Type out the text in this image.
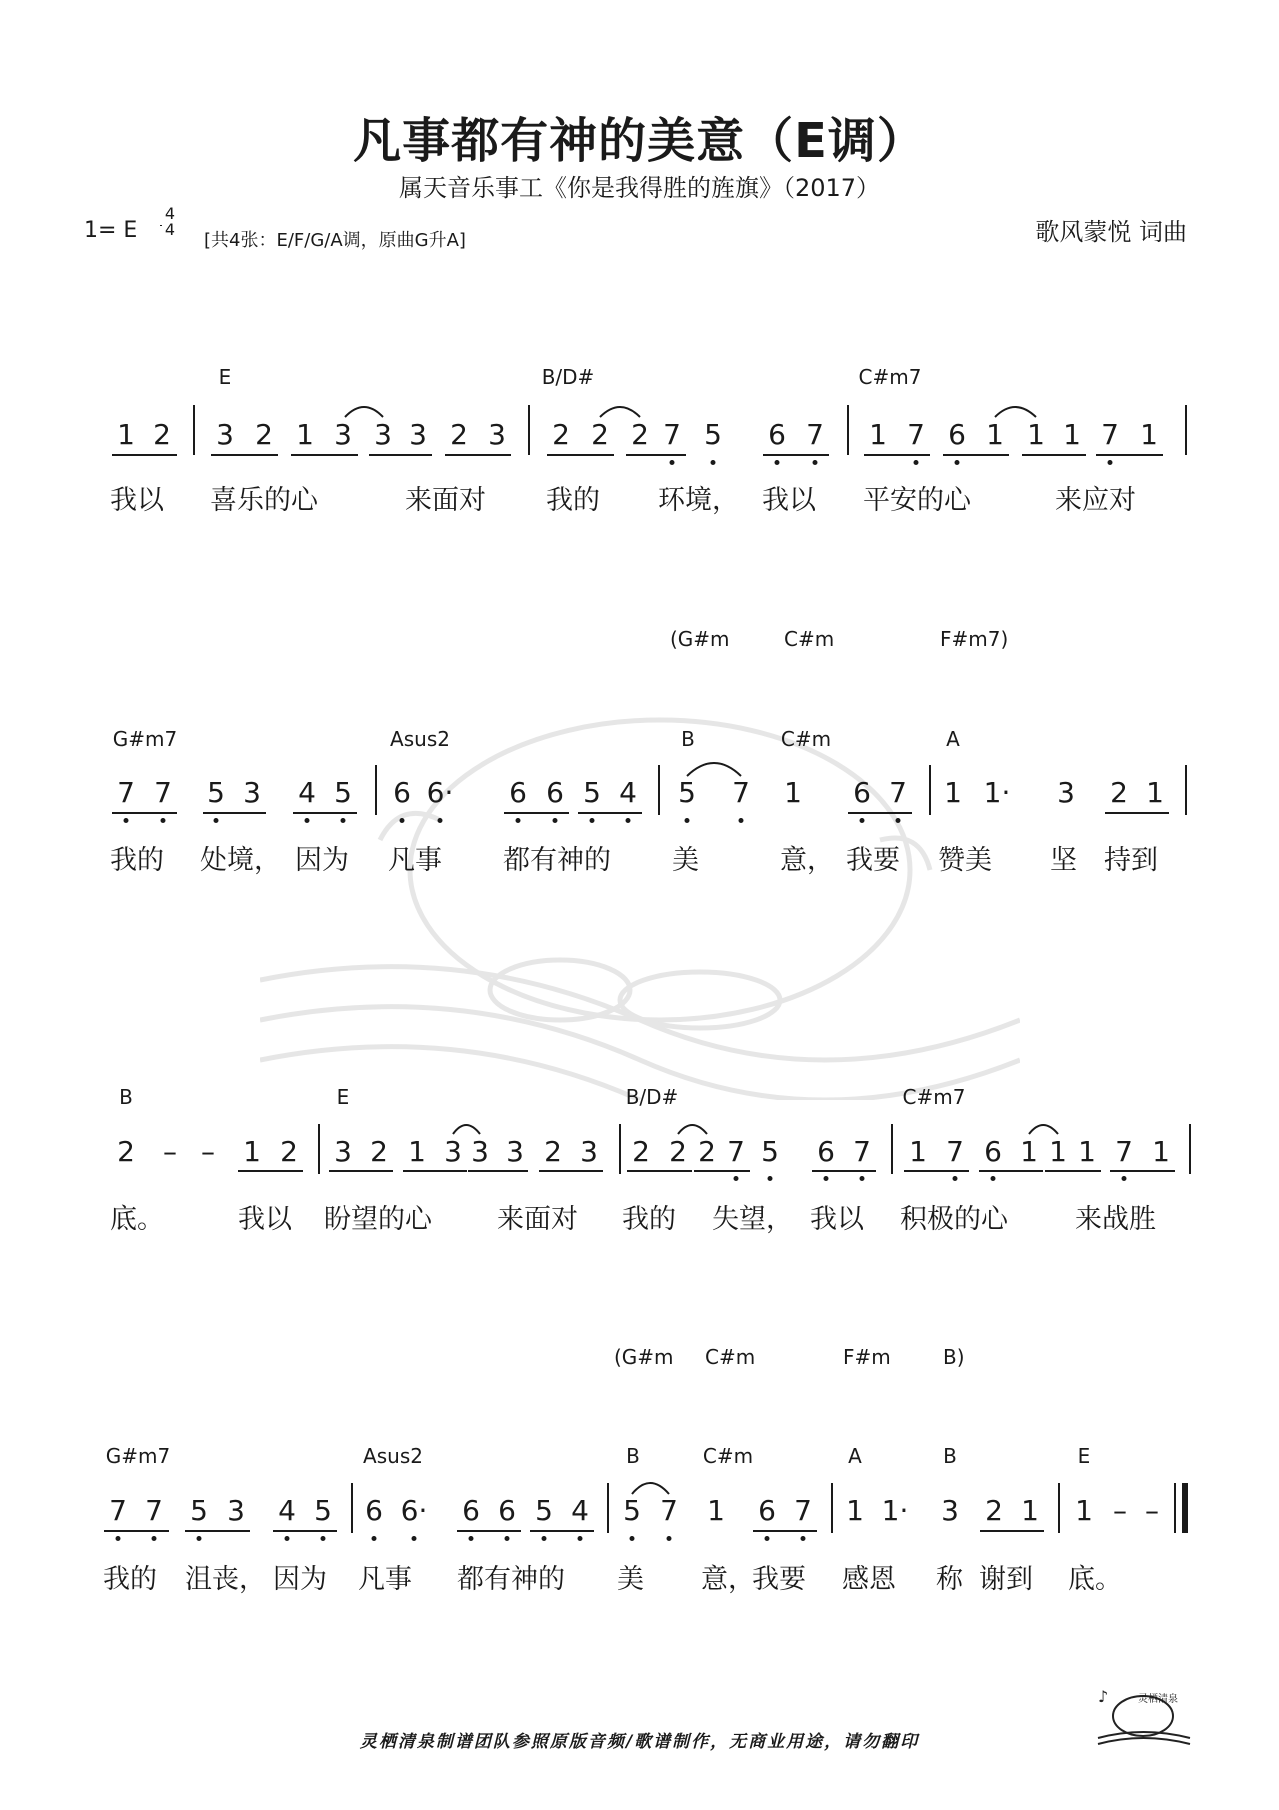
凡事都有神的美意（E调）
属天音乐事工《你是我得胜的旌旗》（2017）
1= E
4
4
[共4张：E/F/G/A调，原曲G升A]	歌风蒙悦 词曲
E	B/D#	C#m7
1 2 3 2 1 3 3 3 2 3 2 2 2 7 5 6 7 1 7 6 1 1 1 7 1
我以 喜乐的心	来面对 我的 环境， 我以 平安的心	来应对
(G#m	C#m	F#m7)
G#m7	Asus2	B	C#m	A
7 7 5 3 4 5 6 6· 6 6 5 4 5 7 1 6 7 1 1· 3 2 1
我的 处境， 因为 凡事 都有神的 美	意， 我要 赞美 坚 持到
B	E	B/D#	C#m7
2 – – 1 2 3 2 1 3 3 3 2 3 2 2 2 7 5 6 7 1 7 6 1 1 1 7 1
底。	我以 盼望的心 来面对 我的 失望， 我以 积极的心 来战胜
(G#m C#m	F#m	B)
G#m7	Asus2	B	C#m	A	B	E
7 7 5 3 4 5 6 6· 6 6 5 4 5 7 1 6 7 1 1· 3 2 1 1 – –
我的 沮丧， 因为 凡事 都有神的 美 意，
我要 感恩 称 谢到 底。
灵栖清泉制谱团队参照原版音频/歌谱制作，无商业用途，请勿翻印
♪	灵栖清泉
